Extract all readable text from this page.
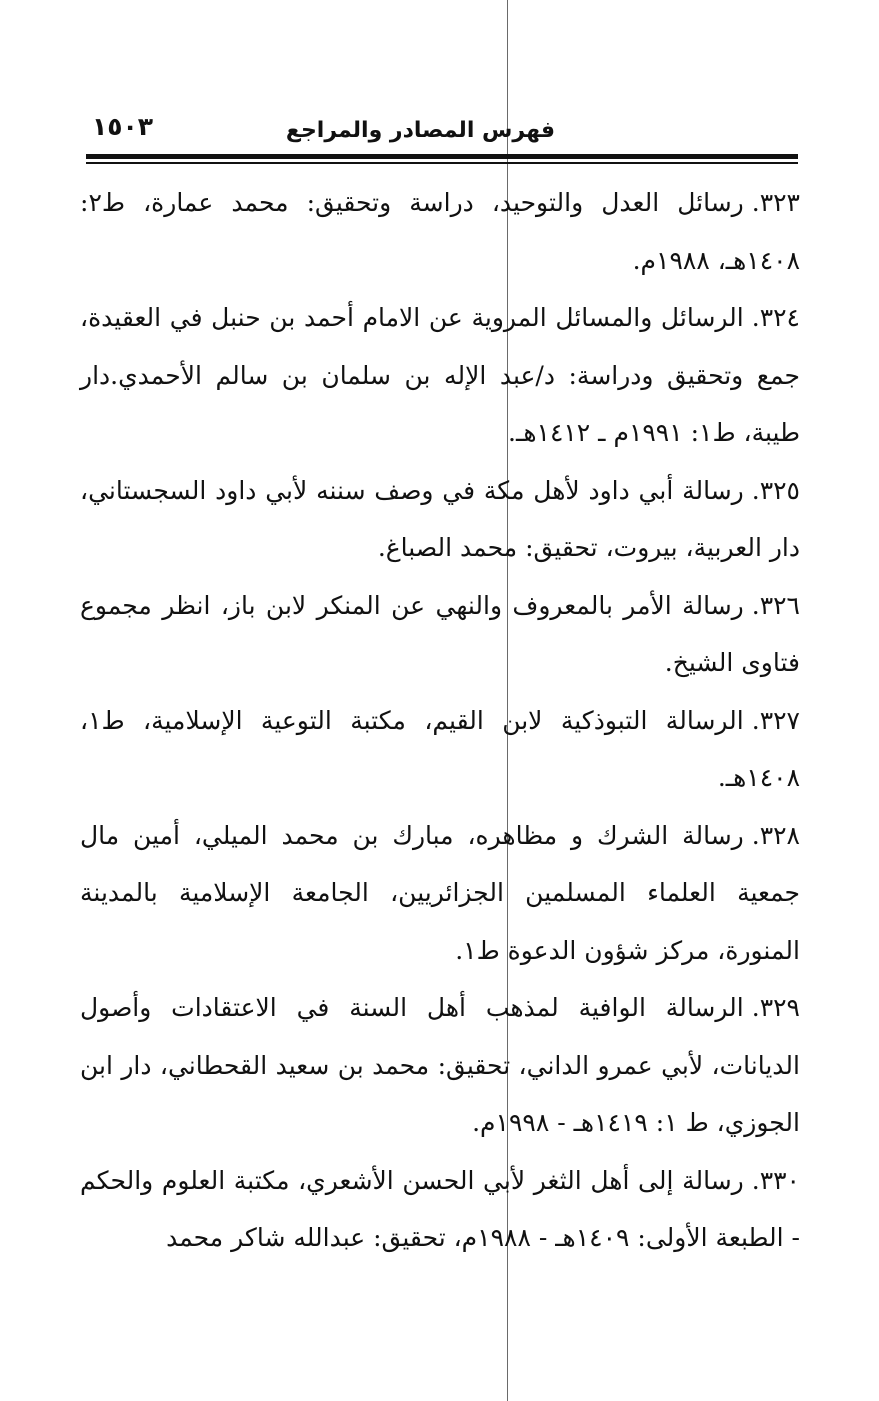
فهرس المصادر والمراجع
١٥٠٣

٣٢٣.رسائل العدل والتوحيد، دراسة وتحقيق: محمد عمارة، ط٢: ١٤٠٨هـ، ١٩٨٨م.

٣٢٤.الرسائل والمسائل المروية عن الامام أحمد بن حنبل في العقيدة، جمع وتحقيق ودراسة: د/عبد الإله بن سلمان بن سالم الأحمدي.دار طيبة، ط١: ١٩٩١م ـ ١٤١٢هـ.

٣٢٥.رسالة أبي داود لأهل مكة في وصف سننه لأبي داود السجستاني، دار العربية، بيروت، تحقيق: محمد الصباغ.

٣٢٦.رسالة الأمر بالمعروف والنهي عن المنكر لابن باز، انظر مجموع فتاوى الشيخ.

٣٢٧.الرسالة التبوذكية لابن القيم، مكتبة التوعية الإسلامية، ط١، ١٤٠٨هـ.

٣٢٨.رسالة الشرك و مظاهره، مبارك بن محمد الميلي، أمين مال جمعية العلماء المسلمين الجزائريين، الجامعة الإسلامية بالمدينة المنورة، مركز شؤون الدعوة ط١.

٣٢٩.الرسالة الوافية لمذهب أهل السنة في الاعتقادات وأصول الديانات، لأبي عمرو الداني، تحقيق: محمد بن سعيد القحطاني، دار ابن الجوزي، ط ١: ١٤١٩هـ - ١٩٩٨م.

٣٣٠.رسالة إلى أهل الثغر لأبي الحسن الأشعري، مكتبة العلوم والحكم - الطبعة الأولى: ١٤٠٩هـ - ١٩٨٨م، تحقيق: عبدالله شاكر محمد
